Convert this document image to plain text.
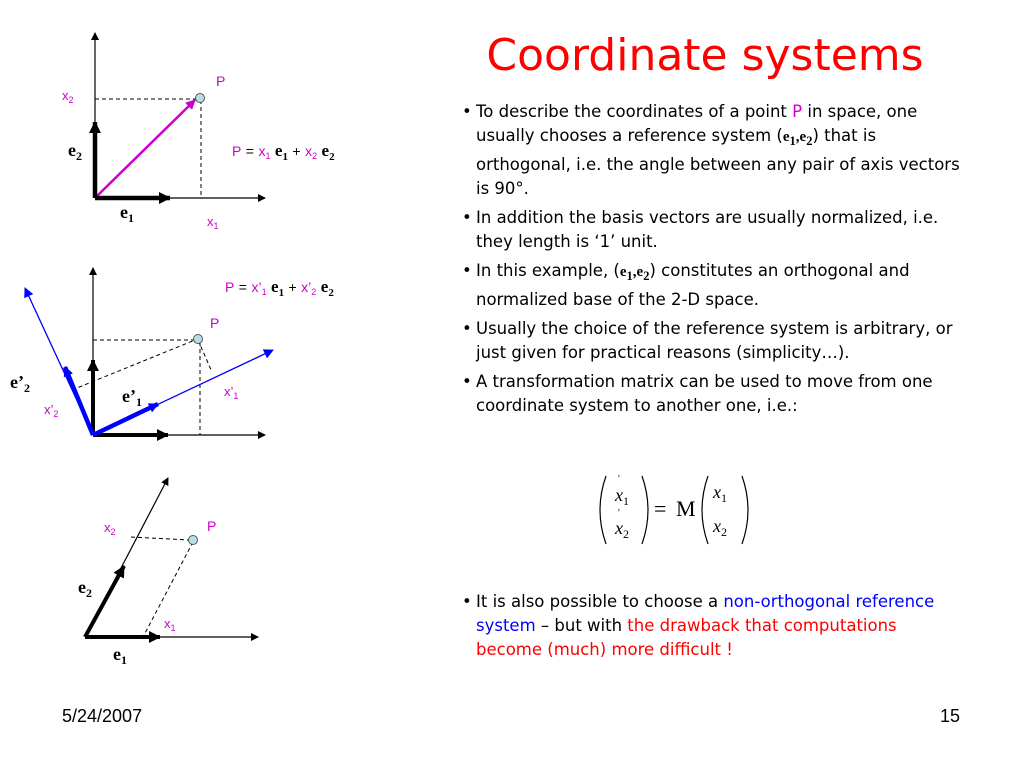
Coordinate systems
$x_2$
P
$e_2$
$e_1$	$x_1$
$P = x_1$ $e_1 + x_2$ $e_2$
$P = x’_1$ $e_1$ + $x’_2$ $e_2$
P
$e’_2$	$e’_1$
$x’_1$
$x’_2$
$x_2$	P
$e_2$
$x_1$
$e_1$
• To describe the coordinates of a point P in space, one usually chooses a reference system $(e_1,e_2)$ that is orthogonal, i.e. the angle between any pair of axis vectors is 90°.
• In addition the basis vectors are usually normalized, i.e. they length is ‘1’ unit.
• In this example, $(e_1,e_2)$ constitutes an orthogonal and normalized base of the 2-D space.
• Usually the choice of the reference system is arbitrary, or just given for practical reasons (simplicity…).
• A transformation matrix can be used to move from one coordinate system to another one, i.e.:
$x_1$
$x_2$
'
' = M
$x_1$
$x_2$
• It is also possible to choose a non-orthogonal reference system – but with the drawback that computations become (much) more difficult !
5/24/2007	15
